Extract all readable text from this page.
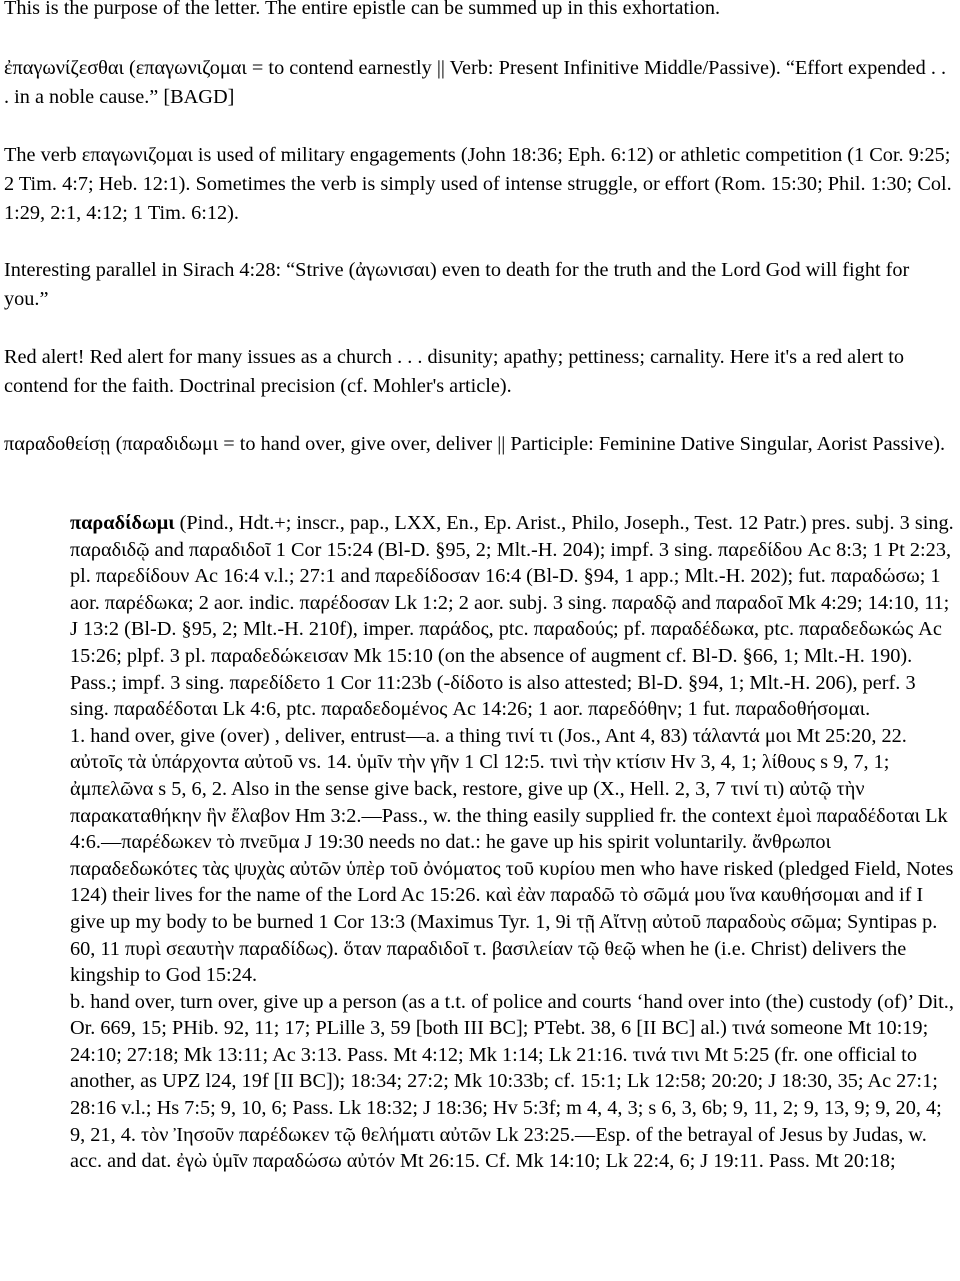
This is the purpose of the letter. The entire epistle can be summed up in this exhortation.

ἐπαγωνίζεσθαι (επαγωνιζομαι = to contend earnestly || Verb: Present Infinitive Middle/Passive). “Effort expended . . . in a noble cause.” [BAGD]

The verb επαγωνιζομαι is used of military engagements (John 18:36; Eph. 6:12) or athletic competition (1 Cor. 9:25; 2 Tim. 4:7; Heb. 12:1). Sometimes the verb is simply used of intense struggle, or effort (Rom. 15:30; Phil. 1:30; Col. 1:29, 2:1, 4:12; 1 Tim. 6:12).

Interesting parallel in Sirach 4:28: “Strive (ἀγωνισαι) even to death for the truth and the Lord God will fight for you.”

Red alert! Red alert for many issues as a church . . . disunity; apathy; pettiness; carnality. Here it's a red alert to contend for the faith. Doctrinal precision (cf. Mohler's article).

παραδοθείσῃ (παραδιδωμι = to hand over, give over, deliver || Participle: Feminine Dative Singular, Aorist Passive).

παραδίδωμι (Pind., Hdt.+; inscr., pap., LXX, En., Ep. Arist., Philo, Joseph., Test. 12 Patr.) pres. subj. 3 sing. παραδιδῷ and παραδιδοῖ 1 Cor 15:24 (Bl-D. §95, 2; Mlt.-H. 204); impf. 3 sing. παρεδίδου Ac 8:3; 1 Pt 2:23, pl. παρεδίδουν Ac 16:4 v.l.; 27:1 and παρεδίδοσαν 16:4 (Bl-D. §94, 1 app.; Mlt.-H. 202); fut. παραδώσω; 1 aor. παρέδωκα; 2 aor. indic. παρέδοσαν Lk 1:2; 2 aor. subj. 3 sing. παραδῷ and παραδοῖ Mk 4:29; 14:10, 11; J 13:2 (Bl-D. §95, 2; Mlt.-H. 210f), imper. παράδος, ptc. παραδούς; pf. παραδέδωκα, ptc. παραδεδωκώς Ac 15:26; plpf. 3 pl. παραδεδώκεισαν Mk 15:10 (on the absence of augment cf. Bl-D. §66, 1; Mlt.-H. 190). Pass.; impf. 3 sing. παρεδίδετο 1 Cor 11:23b (-δίδοτο is also attested; Bl-D. §94, 1; Mlt.-H. 206), perf. 3 sing. παραδέδοται Lk 4:6, ptc. παραδεδομένος Ac 14:26; 1 aor. παρεδόθην; 1 fut. παραδοθήσομαι.
1. hand over, give (over) , deliver, entrust—a. a thing τινί τι (Jos., Ant 4, 83) τάλαντά μοι Mt 25:20, 22. αὐτοῖς τὰ ὑπάρχοντα αὐτοῦ vs. 14. ὑμῖν τὴν γῆν 1 Cl 12:5. τινὶ τὴν κτίσιν Hv 3, 4, 1; λίθους s 9, 7, 1; ἀμπελῶνα s 5, 6, 2. Also in the sense give back, restore, give up (X., Hell. 2, 3, 7 τινί τι) αὐτῷ τὴν παρακαταθήκην ἣν ἔλαβον Hm 3:2.—Pass., w. the thing easily supplied fr. the context ἐμοὶ παραδέδοται Lk 4:6.—παρέδωκεν τὸ πνεῦμα J 19:30 needs no dat.: he gave up his spirit voluntarily. ἄνθρωποι παραδεδωκότες τὰς ψυχὰς αὐτῶν ὑπὲρ τοῦ ὀνόματος τοῦ κυρίου men who have risked (pledged Field, Notes 124) their lives for the name of the Lord Ac 15:26. καὶ ἐὰν παραδῶ τὸ σῶμά μου ἵνα καυθήσομαι and if I give up my body to be burned 1 Cor 13:3 (Maximus Tyr. 1, 9i τῇ Αἴτνῃ αὐτοῦ παραδοὺς σῶμα; Syntipas p. 60, 11 πυρὶ σεαυτὴν παραδίδως). ὅταν παραδιδοῖ τ. βασιλείαν τῷ θεῷ when he (i.e. Christ) delivers the kingship to God 15:24.
b. hand over, turn over, give up a person (as a t.t. of police and courts ‘hand over into (the) custody (of)’ Dit., Or. 669, 15; PHib. 92, 11; 17; PLille 3, 59 [both III BC]; PTebt. 38, 6 [II BC] al.) τινά someone Mt 10:19; 24:10; 27:18; Mk 13:11; Ac 3:13. Pass. Mt 4:12; Mk 1:14; Lk 21:16. τινά τινι Mt 5:25 (fr. one official to another, as UPZ l24, 19f [II BC]); 18:34; 27:2; Mk 10:33b; cf. 15:1; Lk 12:58; 20:20; J 18:30, 35; Ac 27:1; 28:16 v.l.; Hs 7:5; 9, 10, 6; Pass. Lk 18:32; J 18:36; Hv 5:3f; m 4, 4, 3; s 6, 3, 6b; 9, 11, 2; 9, 13, 9; 9, 20, 4; 9, 21, 4. τὸν Ἰησοῦν παρέδωκεν τῷ θελήματι αὐτῶν Lk 23:25.—Esp. of the betrayal of Jesus by Judas, w. acc. and dat. ἐγὼ ὑμῖν παραδώσω αὐτόν Mt 26:15. Cf. Mk 14:10; Lk 22:4, 6; J 19:11. Pass. Mt 20:18;
